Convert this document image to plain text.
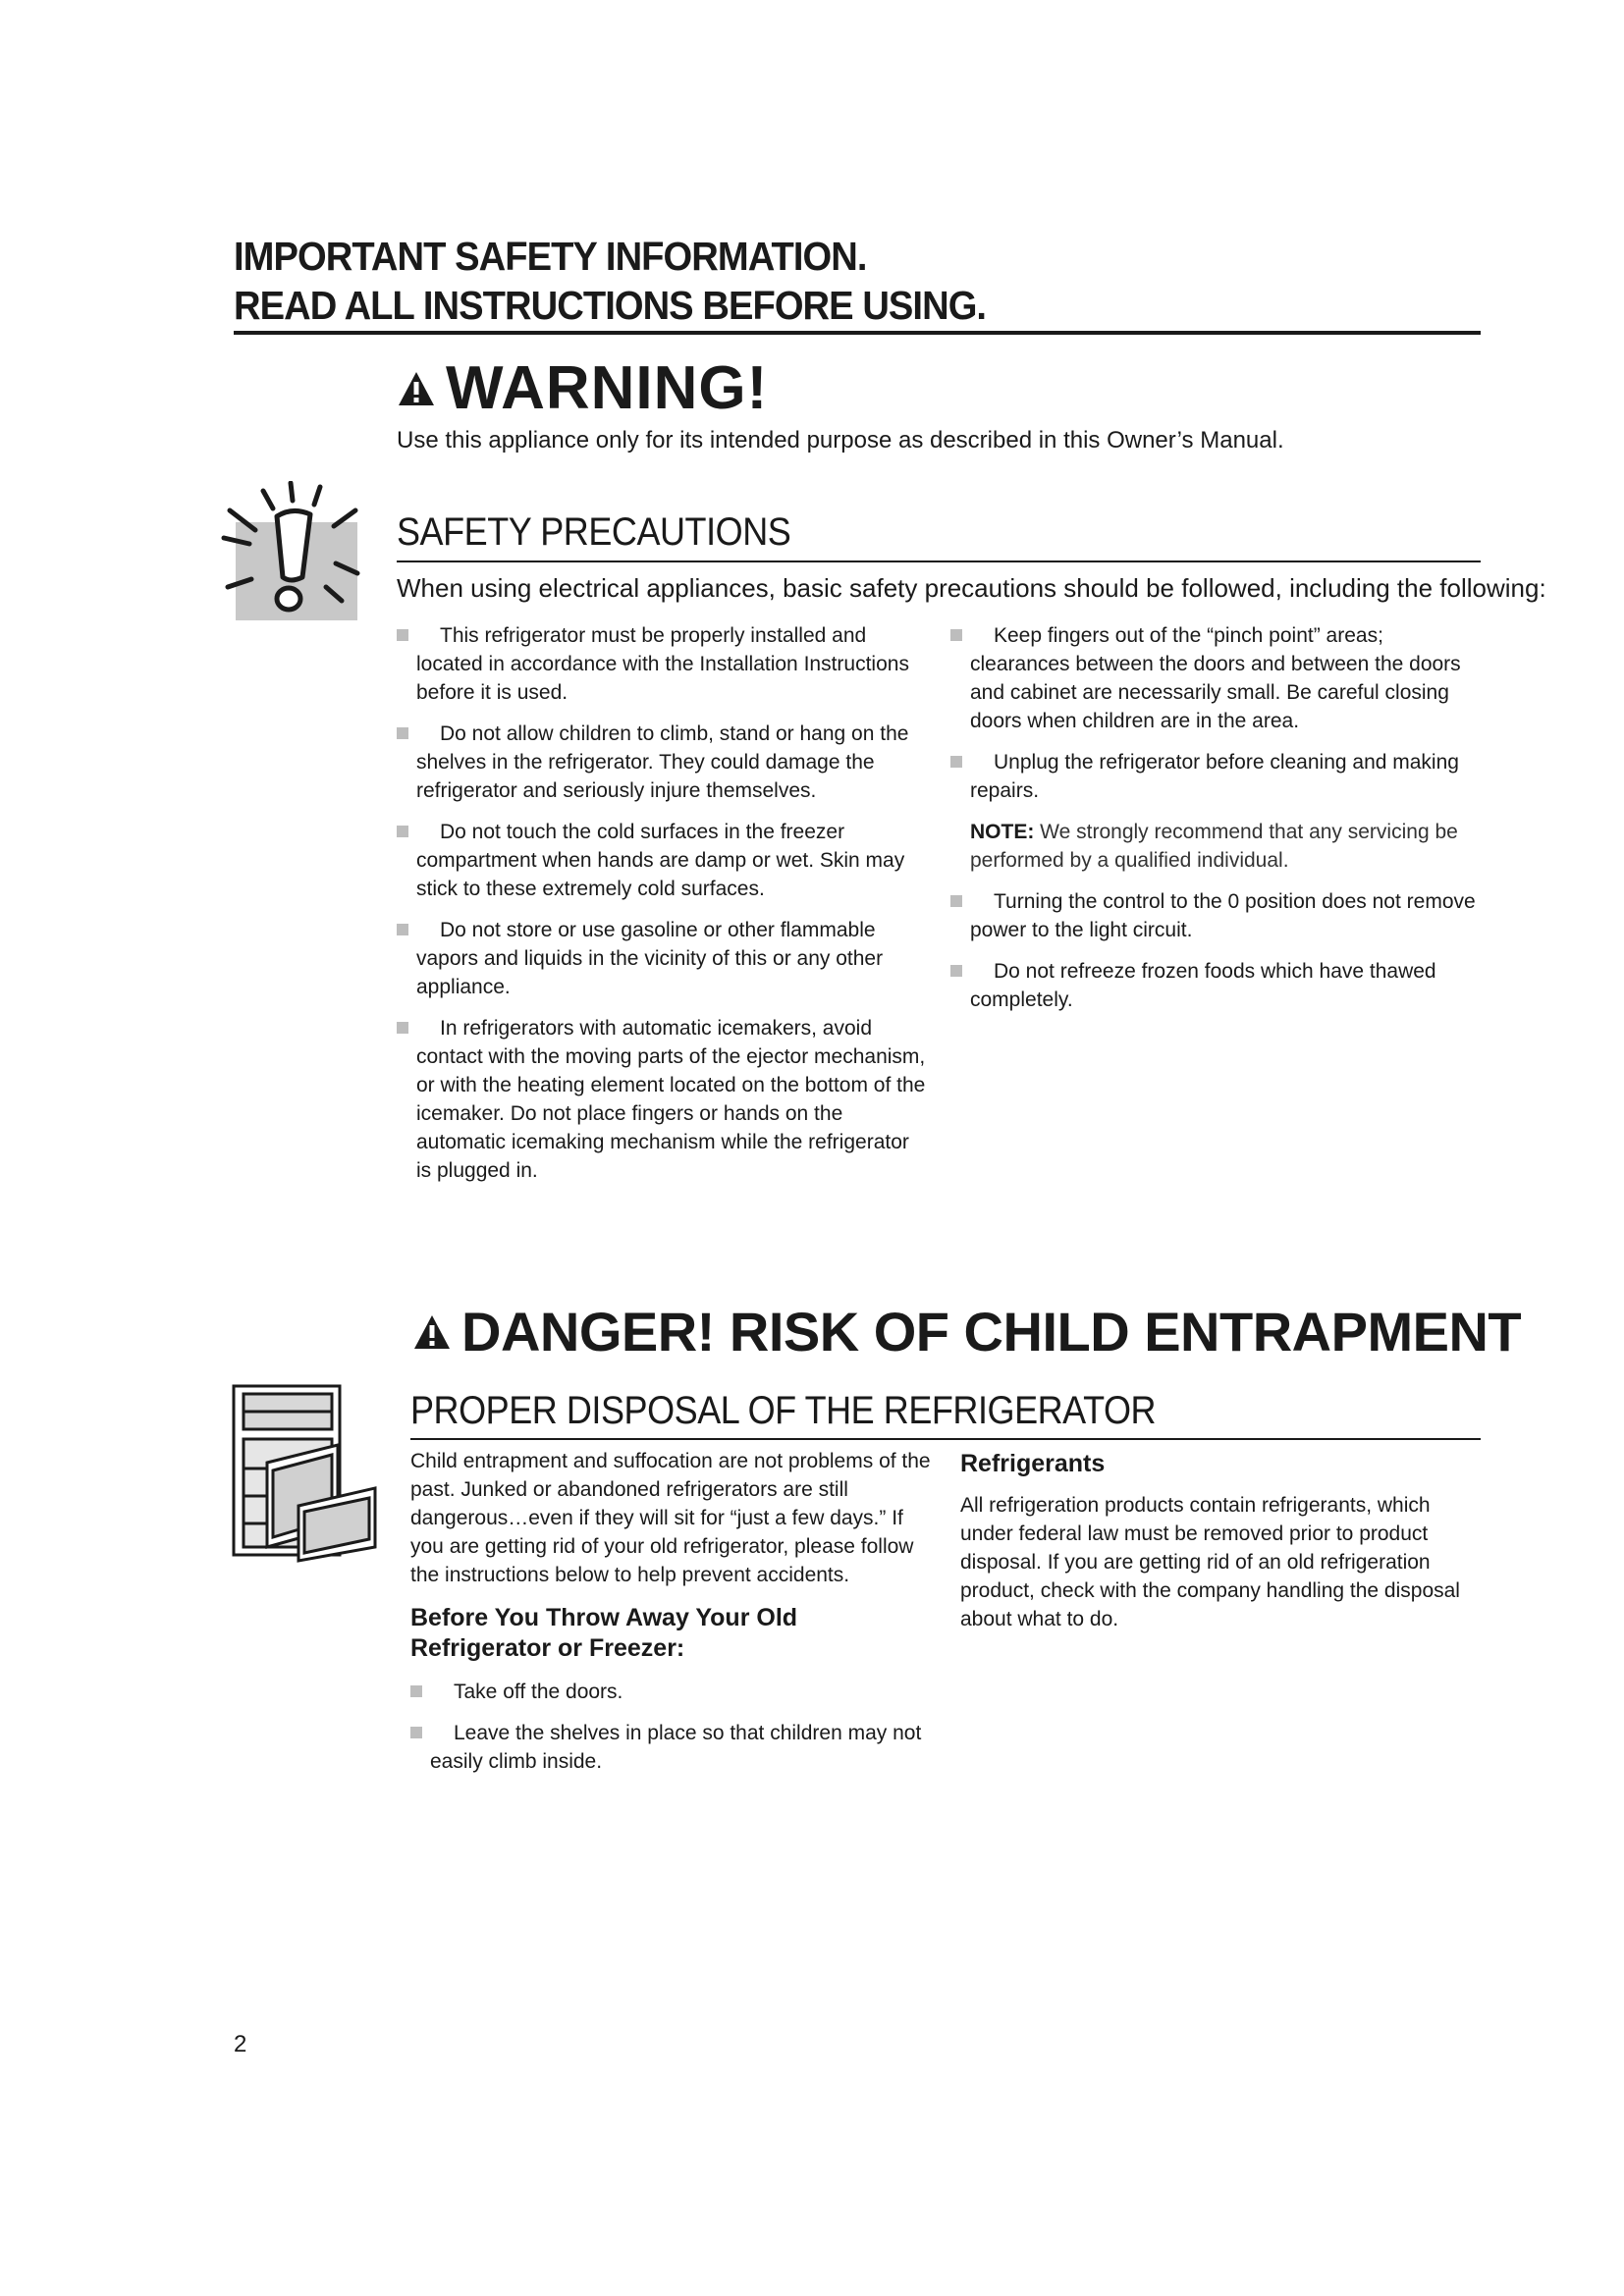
IMPORTANT SAFETY INFORMATION.
READ ALL INSTRUCTIONS BEFORE USING.
WARNING!
Use this appliance only for its intended purpose as described in this Owner’s Manual.
SAFETY PRECAUTIONS
When using electrical appliances, basic safety precautions should be followed, including the following:
This refrigerator must be properly installed and located in accordance with the Installation Instructions before it is used.
Do not allow children to climb, stand or hang on the shelves in the refrigerator. They could damage the refrigerator and seriously injure themselves.
Do not touch the cold surfaces in the freezer compartment when hands are damp or wet. Skin may stick to these extremely cold surfaces.
Do not store or use gasoline or other flammable vapors and liquids in the vicinity of this or any other appliance.
In refrigerators with automatic icemakers, avoid contact with the moving parts of the ejector mechanism, or with the heating element located on the bottom of the icemaker. Do not place fingers or hands on the automatic icemaking mechanism while the refrigerator is plugged in.
Keep fingers out of the “pinch point” areas; clearances between the doors and between the doors and cabinet are necessarily small. Be careful closing doors when children are in the area.
Unplug the refrigerator before cleaning and making repairs.
NOTE: We strongly recommend that any servicing be performed by a qualified individual.
Turning the control to the 0 position does not remove power to the light circuit.
Do not refreeze frozen foods which have thawed completely.
DANGER! RISK OF CHILD ENTRAPMENT
PROPER DISPOSAL OF THE REFRIGERATOR
Child entrapment and suffocation are not problems of the past. Junked or abandoned refrigerators are still dangerous…even if they will sit for “just a few days.” If you are getting rid of your old refrigerator, please follow the instructions below to help prevent accidents.
Before You Throw Away Your Old
Refrigerator or Freezer:
Take off the doors.
Leave the shelves in place so that children may not easily climb inside.
Refrigerants
All refrigeration products contain refrigerants, which under federal law must be removed prior to product disposal. If you are getting rid of an old refrigeration product, check with the company handling the disposal about what to do.
2
